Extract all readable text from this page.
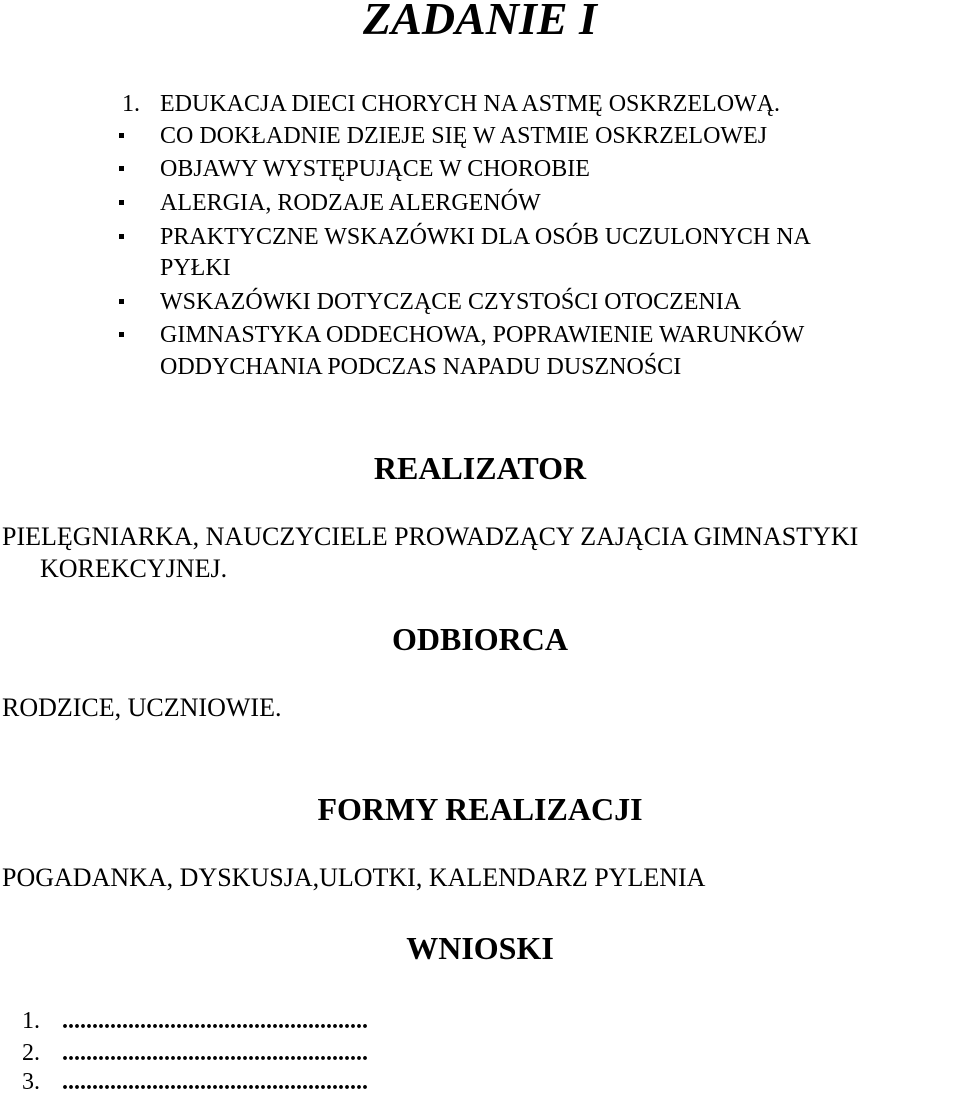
ZADANIE I
1. EDUKACJA DIECI CHORYCH NA ASTMĘ OSKRZELOWĄ.
CO DOKŁADNIE DZIEJE SIĘ W ASTMIE OSKRZELOWEJ
OBJAWY WYSTĘPUJĄCE W CHOROBIE
ALERGIA, RODZAJE ALERGENÓW
PRAKTYCZNE WSKAZÓWKI DLA OSÓB UCZULONYCH NA
PYŁKI
WSKAZÓWKI DOTYCZĄCE CZYSTOŚCI OTOCZENIA
GIMNASTYKA ODDECHOWA, POPRAWIENIE WARUNKÓW
ODDYCHANIA PODCZAS NAPADU DUSZNOŚCI
REALIZATOR
PIELĘGNIARKA, NAUCZYCIELE PROWADZĄCY ZAJĄCIA GIMNASTYKI
KOREKCYJNEJ.
ODBIORCA
RODZICE, UCZNIOWIE.
FORMY REALIZACJI
POGADANKA, DYSKUSJA,ULOTKI, KALENDARZ PYLENIA
WNIOSKI
1. ...................................................
2. ...................................................
3. ...................................................
